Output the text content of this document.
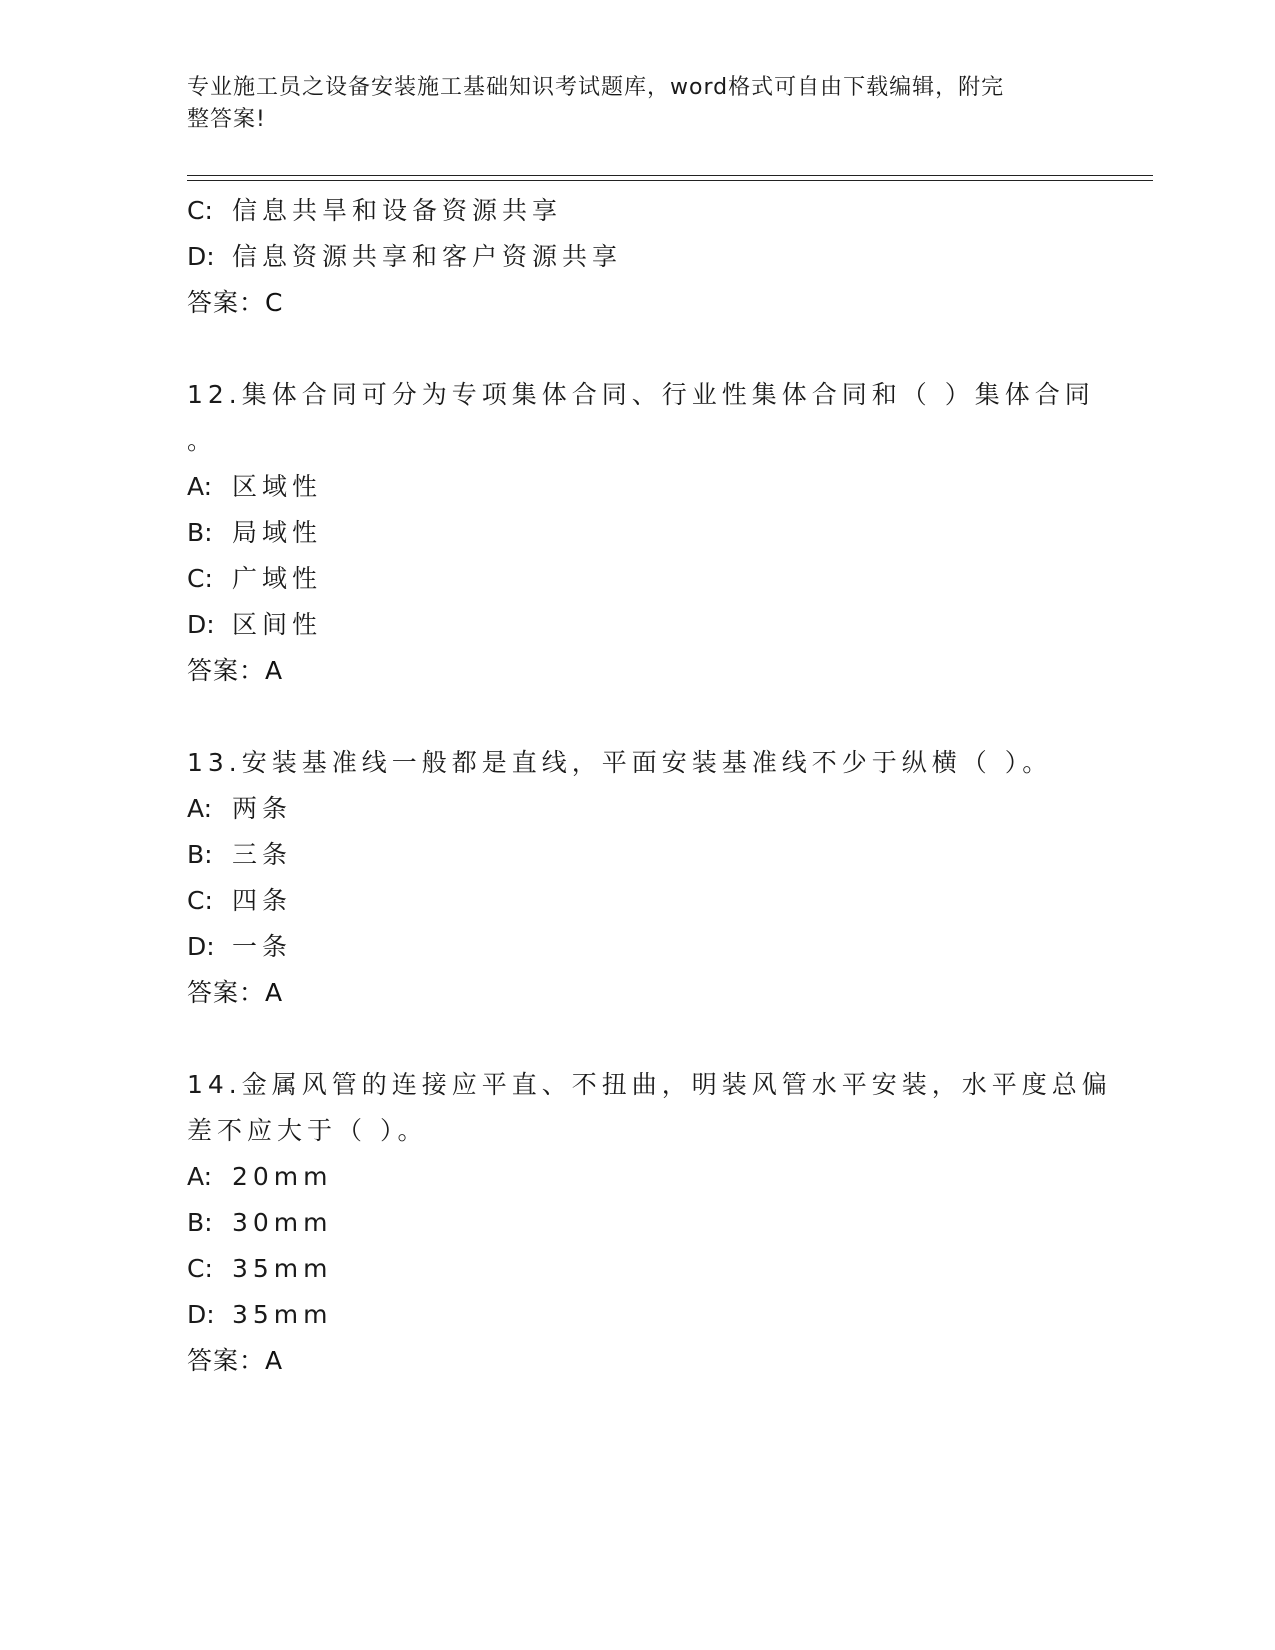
专业施工员之设备安装施工基础知识考试题库，word格式可自由下载编辑，附完
整答案!
C: 信息共旱和设备资源共享
D: 信息资源共享和客户资源共享
答案：C
12.集体合同可分为专项集体合同、行业性集体合同和（ ）集体合同
。
A: 区域性
B: 局域性
C: 广域性
D: 区间性
答案：A
13.安装基准线一般都是直线，平面安装基准线不少于纵横（ ）。
A: 两条
B: 三条
C: 四条
D: 一条
答案：A
14.金属风管的连接应平直、不扭曲，明装风管水平安装，水平度总偏
差不应大于（ ）。
A: 20mm
B: 30mm
C: 35mm
D: 35mm
答案：A
